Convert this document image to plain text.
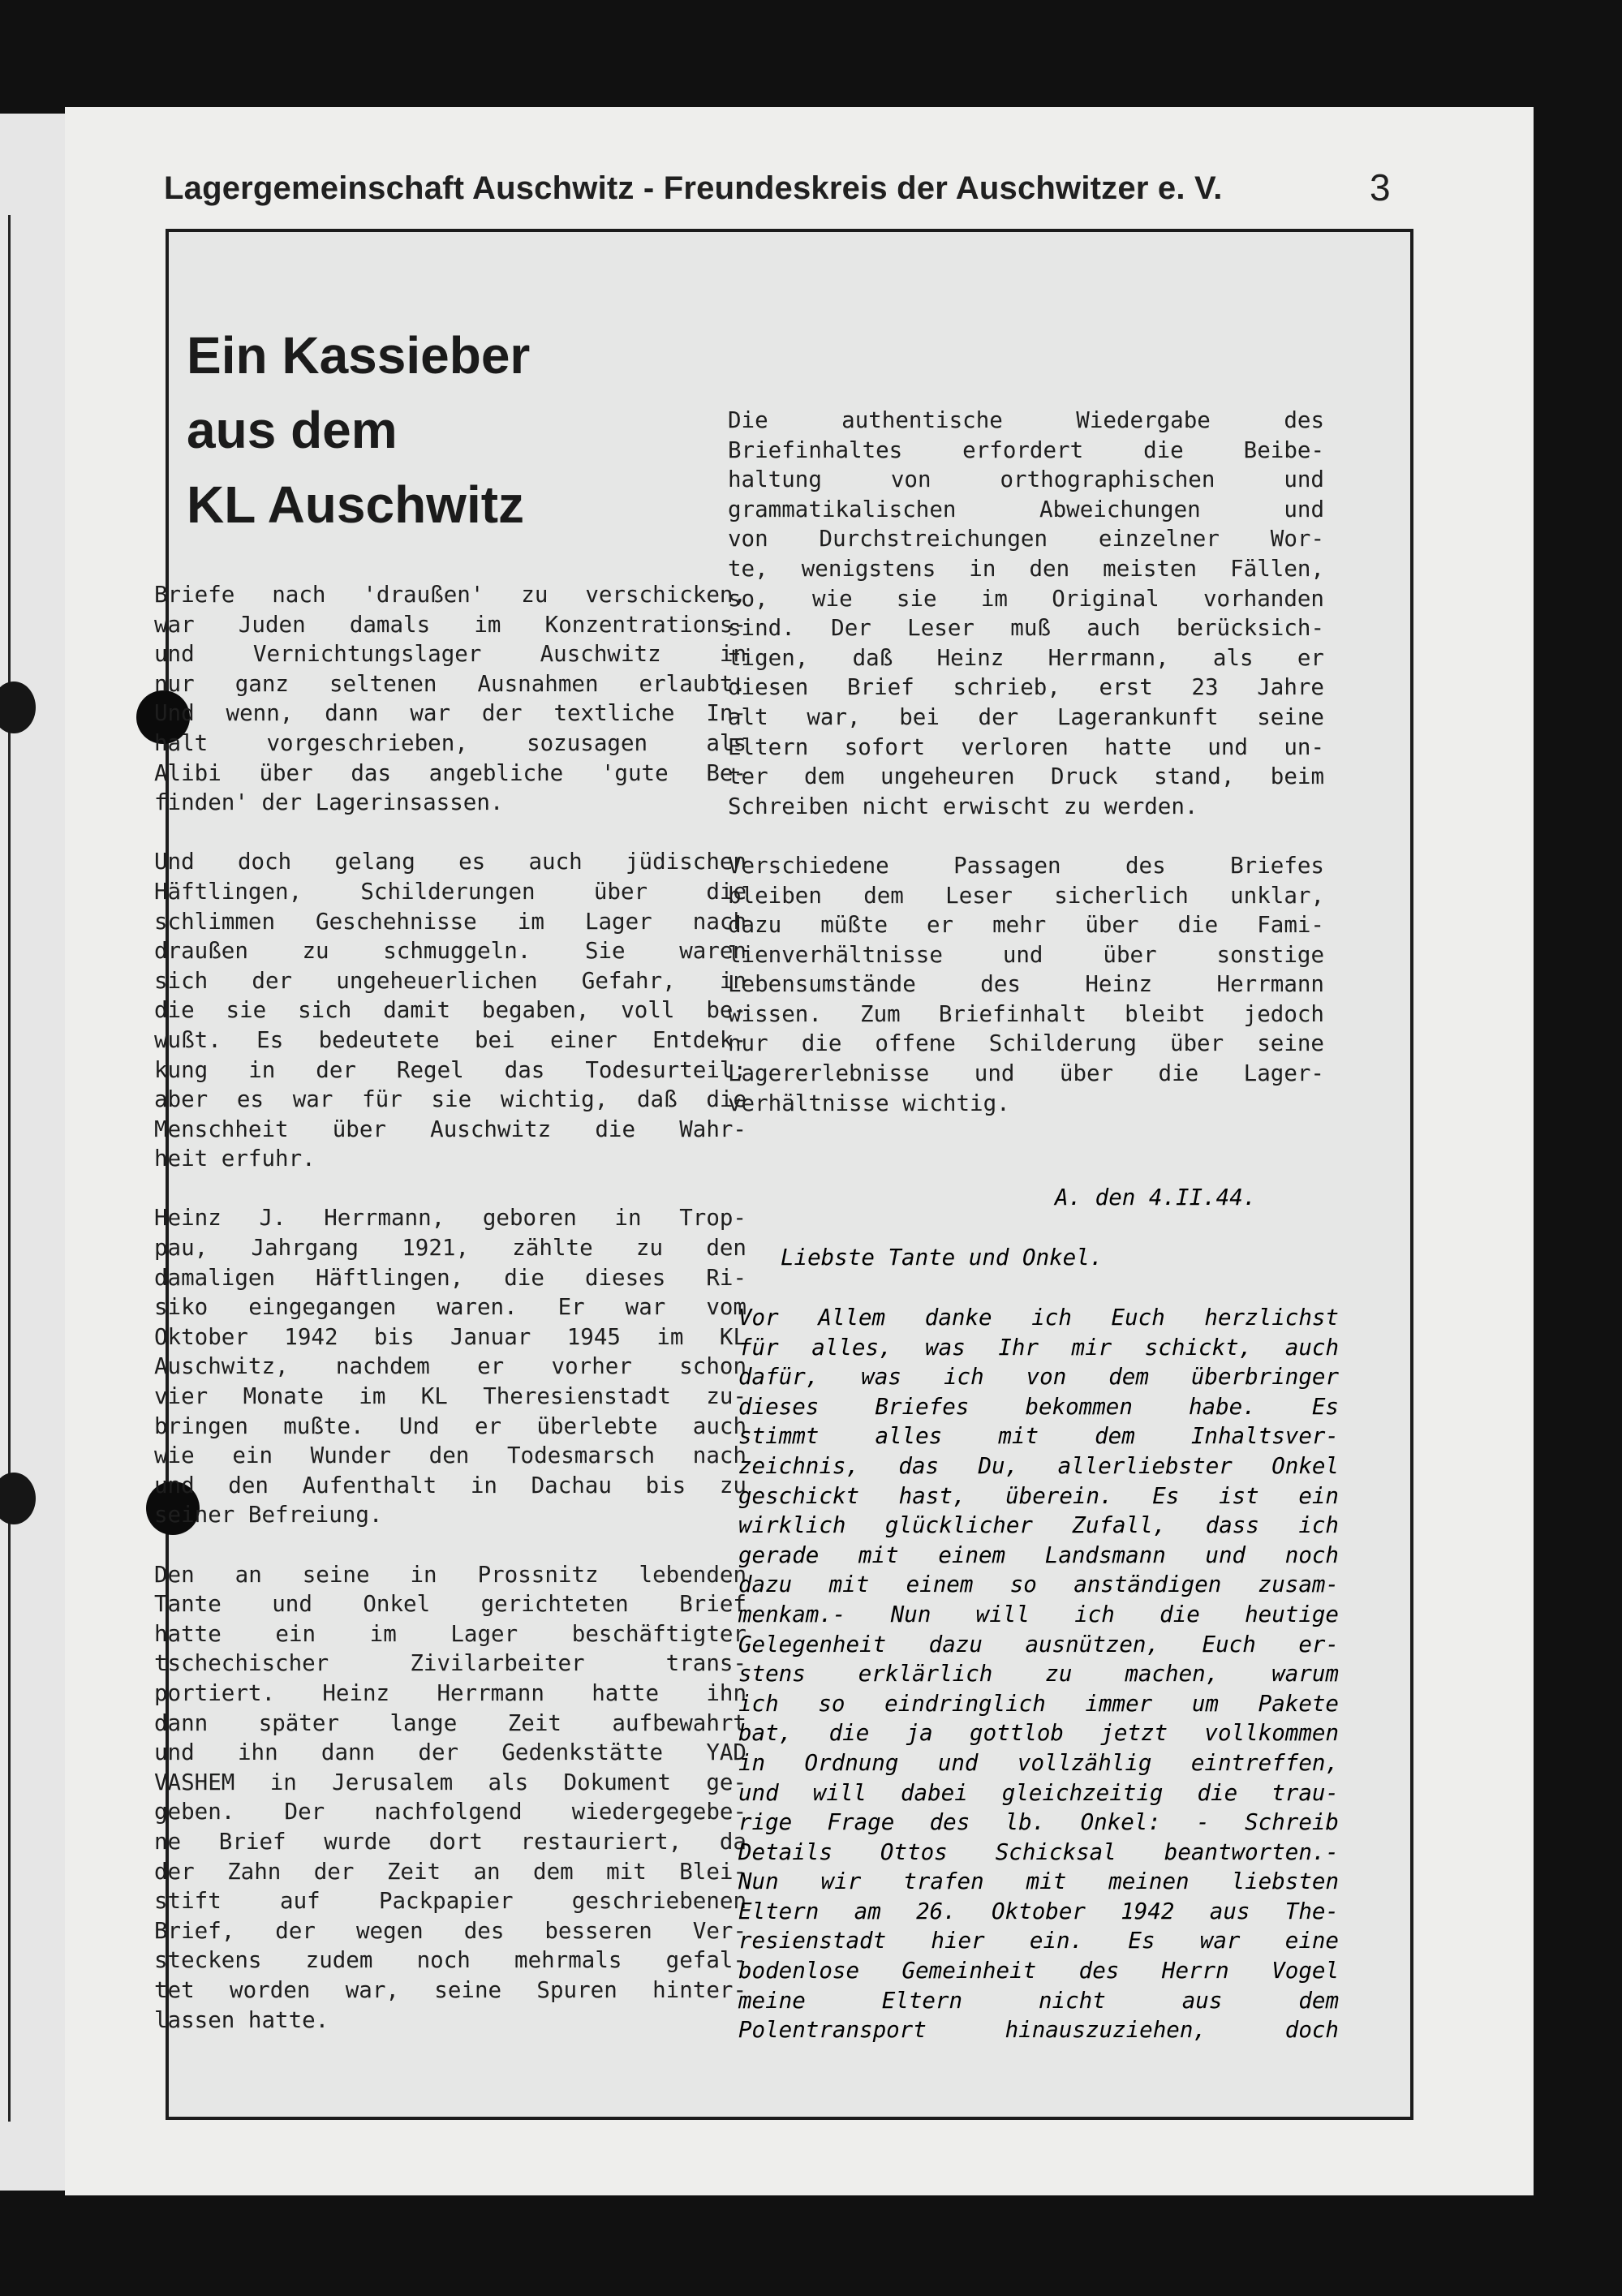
Lagergemeinschaft Auschwitz - Freundeskreis der Auschwitzer e. V.	3
Ein Kassieber
aus dem
KL Auschwitz

Briefe nach 'draußen' zu verschicken,
war Juden damals im Konzentrations-
und Vernichtungslager Auschwitz in
nur ganz seltenen Ausnahmen erlaubt.
Und wenn, dann war der textliche In-
halt vorgeschrieben, sozusagen als
Alibi über das angebliche 'gute Be-
finden' der Lagerinsassen.

Und doch gelang es auch jüdischen
Häftlingen, Schilderungen über die
schlimmen Geschehnisse im Lager nach
draußen zu schmuggeln. Sie waren
sich der ungeheuerlichen Gefahr, in
die sie sich damit begaben, voll be-
wußt. Es bedeutete bei einer Entdek-
kung in der Regel das Todesurteil;
aber es war für sie wichtig, daß die
Menschheit über Auschwitz die Wahr-
heit erfuhr.

Heinz J. Herrmann, geboren in Trop-
pau, Jahrgang 1921, zählte zu den
damaligen Häftlingen, die dieses Ri-
siko eingegangen waren. Er war vom
Oktober 1942 bis Januar 1945 im KL
Auschwitz, nachdem er vorher schon
vier Monate im KL Theresienstadt zu-
bringen mußte. Und er überlebte auch
wie ein Wunder den Todesmarsch nach
und den Aufenthalt in Dachau bis zu
seiner Befreiung.

Den an seine in Prossnitz lebenden
Tante und Onkel gerichteten Brief
hatte ein im Lager beschäftigter
tschechischer Zivilarbeiter trans-
portiert. Heinz Herrmann hatte ihn
dann später lange Zeit aufbewahrt
und ihn dann der Gedenkstätte YAD
VASHEM in Jerusalem als Dokument ge-
geben. Der nachfolgend wiedergegebe-
ne Brief wurde dort restauriert, da
der Zahn der Zeit an dem mit Blei-
stift auf Packpapier geschriebenen
Brief, der wegen des besseren Ver-
steckens zudem noch mehrmals gefal-
tet worden war, seine Spuren hinter-
lassen hatte.

Die authentische Wiedergabe des
Briefinhaltes erfordert die Beibe-
haltung von orthographischen und
grammatikalischen Abweichungen und
von Durchstreichungen einzelner Wor-
te, wenigstens in den meisten Fällen,
so, wie sie im Original vorhanden
sind. Der Leser muß auch berücksich-
tigen, daß Heinz Herrmann, als er
diesen Brief schrieb, erst 23 Jahre
alt war, bei der Lagerankunft seine
Eltern sofort verloren hatte und un-
ter dem ungeheuren Druck stand, beim
Schreiben nicht erwischt zu werden.

Verschiedene Passagen des Briefes
bleiben dem Leser sicherlich unklar,
dazu müßte er mehr über die Fami-
lienverhältnisse und über sonstige
Lebensumstände des Heinz Herrmann
wissen. Zum Briefinhalt bleibt jedoch
nur die offene Schilderung über seine
Lagererlebnisse und über die Lager-
verhältnisse wichtig.

A. den 4.II.44.
Liebste Tante und Onkel.
Vor Allem danke ich Euch herzlichst
für alles, was Ihr mir schickt, auch
dafür, was ich von dem überbringer
dieses Briefes bekommen habe. Es
stimmt alles mit dem Inhaltsver-
zeichnis, das Du, allerliebster Onkel
geschickt hast, überein. Es ist ein
wirklich glücklicher Zufall, dass ich
gerade mit einem Landsmann und noch
dazu mit einem so anständigen zusam-
menkam.- Nun will ich die heutige
Gelegenheit dazu ausnützen, Euch er-
stens erklärlich zu machen, warum
ich so eindringlich immer um Pakete
bat, die ja gottlob jetzt vollkommen
in Ordnung und vollzählig eintreffen,
und will dabei gleichzeitig die trau-
rige Frage des lb. Onkel: - Schreib
Details Ottos Schicksal beantworten.-
Nun wir trafen mit meinen liebsten
Eltern am 26. Oktober 1942 aus The-
resienstadt hier ein. Es war eine
bodenlose Gemeinheit des Herrn Vogel
meine Eltern nicht aus dem
Polentransport hinauszuziehen, doch
